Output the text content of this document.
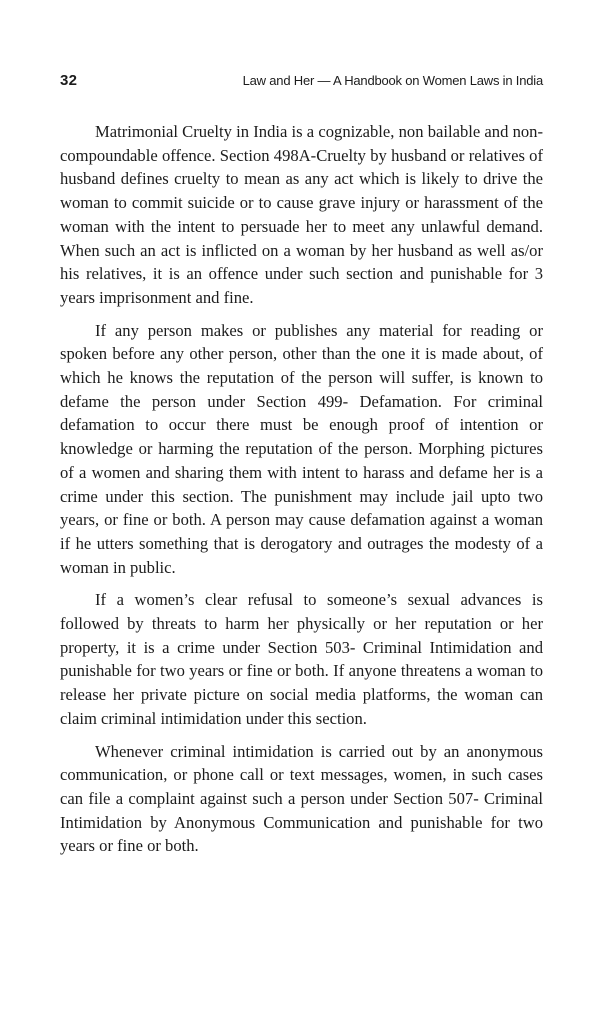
32	Law and Her — A Handbook on Women Laws in India

Matrimonial Cruelty in India is a cognizable, non bailable and non-compoundable offence. Section 498A-Cruelty by husband or relatives of husband defines cruelty to mean as any act which is likely to drive the woman to commit suicide or to cause grave injury or harassment of the woman with the intent to persuade her to meet any unlawful demand. When such an act is inflicted on a woman by her husband as well as/or his relatives, it is an offence under such section and punishable for 3 years imprisonment and fine.

If any person makes or publishes any material for reading or spoken before any other person, other than the one it is made about, of which he knows the reputation of the person will suffer, is known to defame the person under Section 499- Defamation. For criminal defamation to occur there must be enough proof of intention or knowledge or harming the reputation of the person. Morphing pictures of a women and sharing them with intent to harass and defame her is a crime under this section. The punishment may include jail upto two years, or fine or both. A person may cause defamation against a woman if he utters something that is derogatory and outrages the modesty of a woman in public.

If a women’s clear refusal to someone’s sexual advances is followed by threats to harm her physically or her reputation or her property, it is a crime under Section 503- Criminal Intimidation and punishable for two years or fine or both. If anyone threatens a woman to release her private picture on social media platforms, the woman can claim criminal intimidation under this section.

Whenever criminal intimidation is carried out by an anonymous communication, or phone call or text messages, women, in such cases can file a complaint against such a person under Section 507- Criminal Intimidation by Anonymous Communication and punishable for two years or fine or both.
